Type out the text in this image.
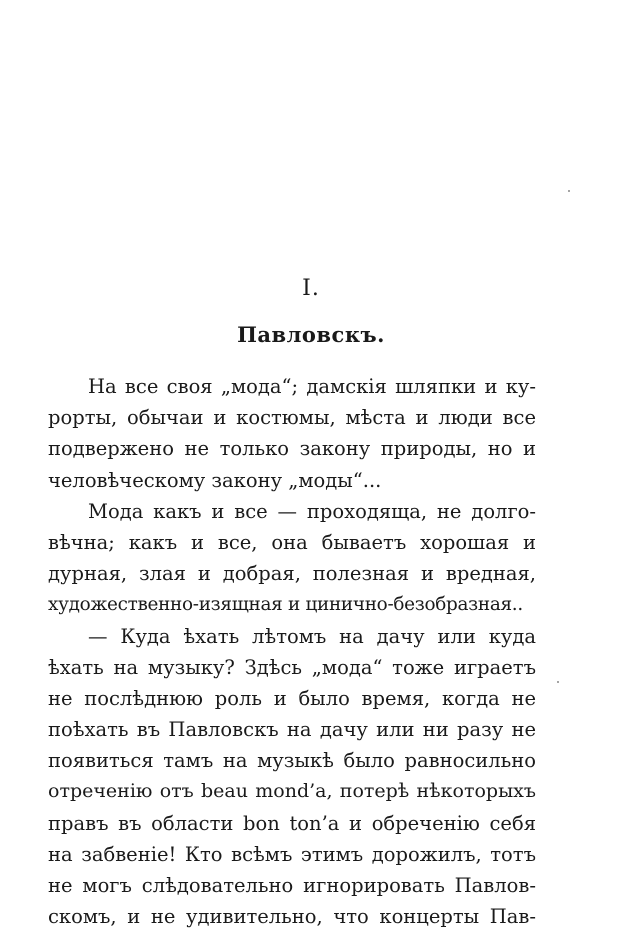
I.
Павловскъ.
На все своя „мода“; дамскія шляпки и ку-
рорты, обычаи и костюмы, мѣста и люди все
подвержено не только закону природы, но и
человѣческому закону „моды“...
Мода какъ и все — проходяща, не долго-
вѣчна; какъ и все, она бываетъ хорошая и
дурная, злая и добрая, полезная и вредная,
художественно-изящная и цинично-безобразная..
— Куда ѣхать лѣтомъ на дачу или куда
ѣхать на музыку? Здѣсь „мода“ тоже играетъ
не послѣднюю роль и было время, когда не
поѣхать въ Павловскъ на дачу или ни разу не
появиться тамъ на музыкѣ было равносильно
отреченію отъ beau mond’a, потерѣ нѣкоторыхъ
правъ въ области bon ton’a и обреченію себя
на забвеніе! Кто всѣмъ этимъ дорожилъ, тотъ
не могъ слѣдовательно игнорировать Павлов-
скомъ, и не удивительно, что концерты Пав-
